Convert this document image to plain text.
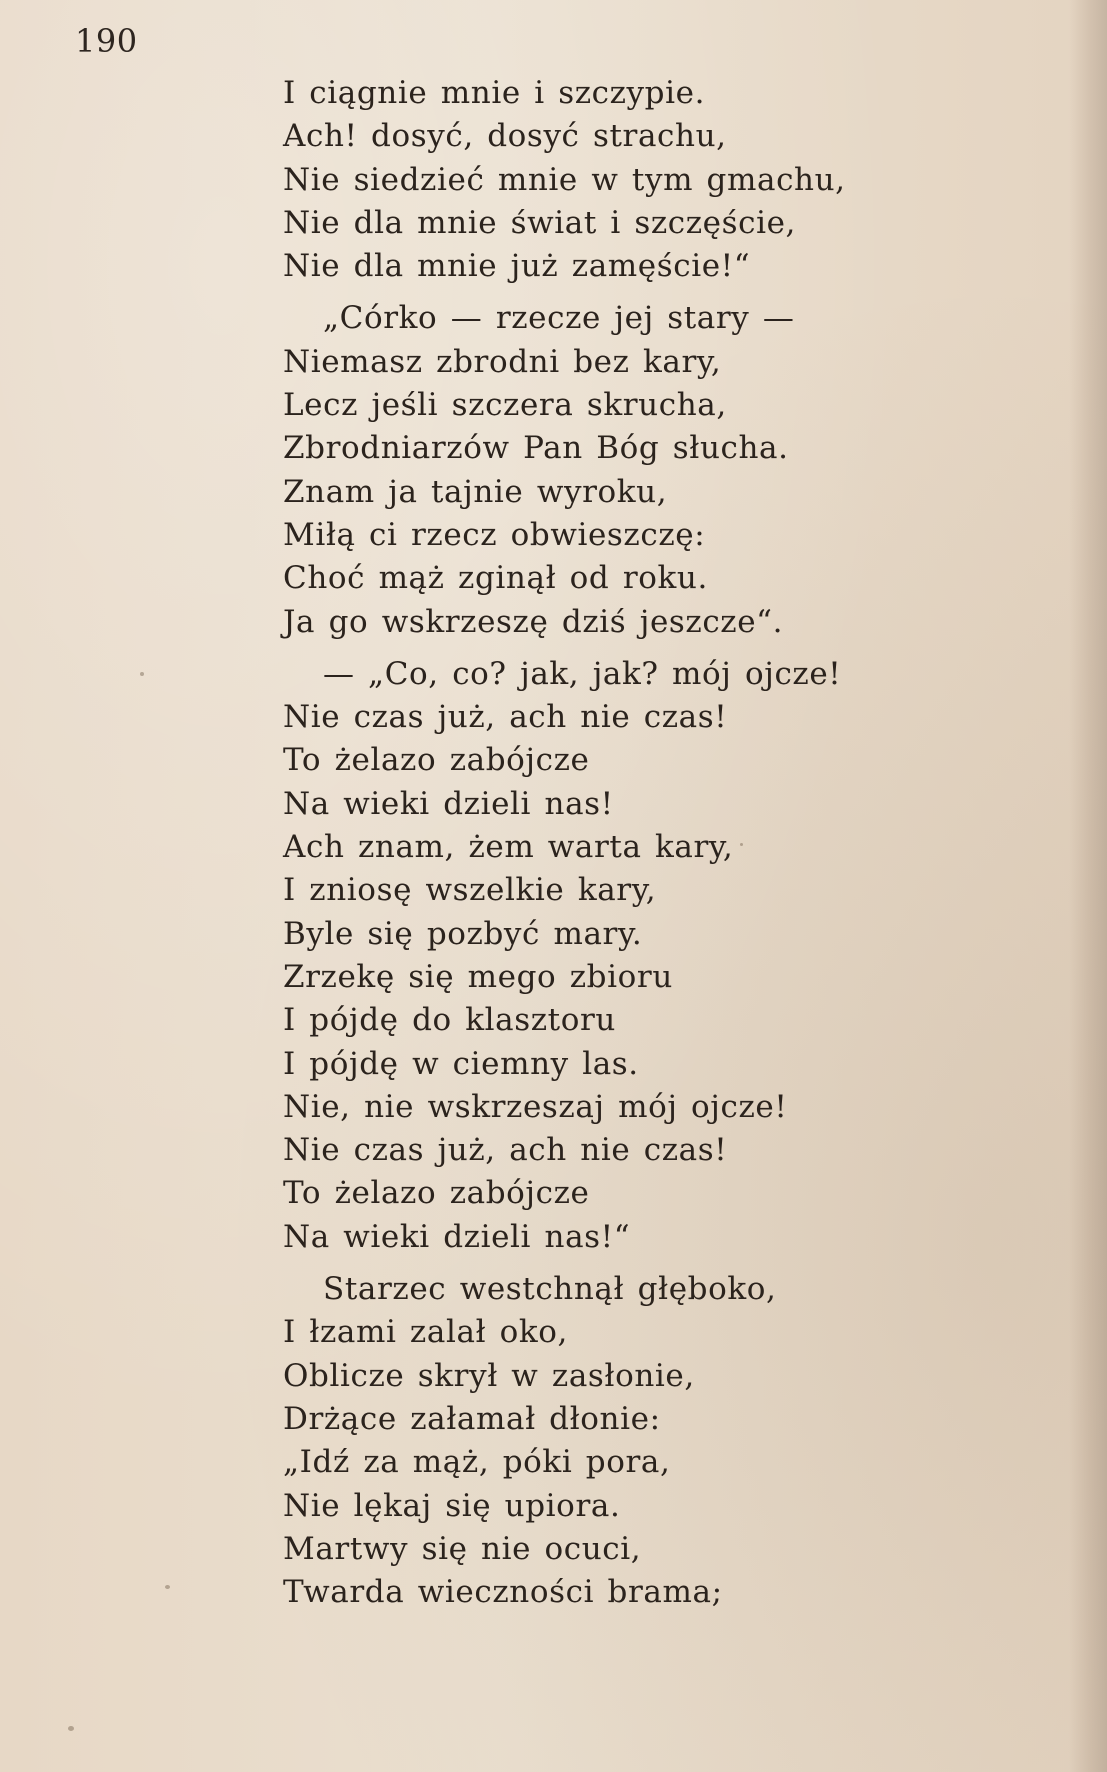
190
I ciągnie mnie i szczypie.
Ach! dosyć, dosyć strachu,
Nie siedzieć mnie w tym gmachu,
Nie dla mnie świat i szczęście,
Nie dla mnie już zamęście!“
„Córko — rzecze jej stary —
Niemasz zbrodni bez kary,
Lecz jeśli szczera skrucha,
Zbrodniarzów Pan Bóg słucha.
Znam ja tajnie wyroku,
Miłą ci rzecz obwieszczę:
Choć mąż zginął od roku.
Ja go wskrzeszę dziś jeszcze“.
— „Co, co? jak, jak? mój ojcze!
Nie czas już, ach nie czas!
To żelazo zabójcze
Na wieki dzieli nas!
Ach znam, żem warta kary,
I zniosę wszelkie kary,
Byle się pozbyć mary.
Zrzekę się mego zbioru
I pójdę do klasztoru
I pójdę w ciemny las.
Nie, nie wskrzeszaj mój ojcze!
Nie czas już, ach nie czas!
To żelazo zabójcze
Na wieki dzieli nas!“
Starzec westchnął głęboko,
I łzami zalał oko,
Oblicze skrył w zasłonie,
Drżące załamał dłonie:
„Idź za mąż, póki pora,
Nie lękaj się upiora.
Martwy się nie ocuci,
Twarda wieczności brama;
